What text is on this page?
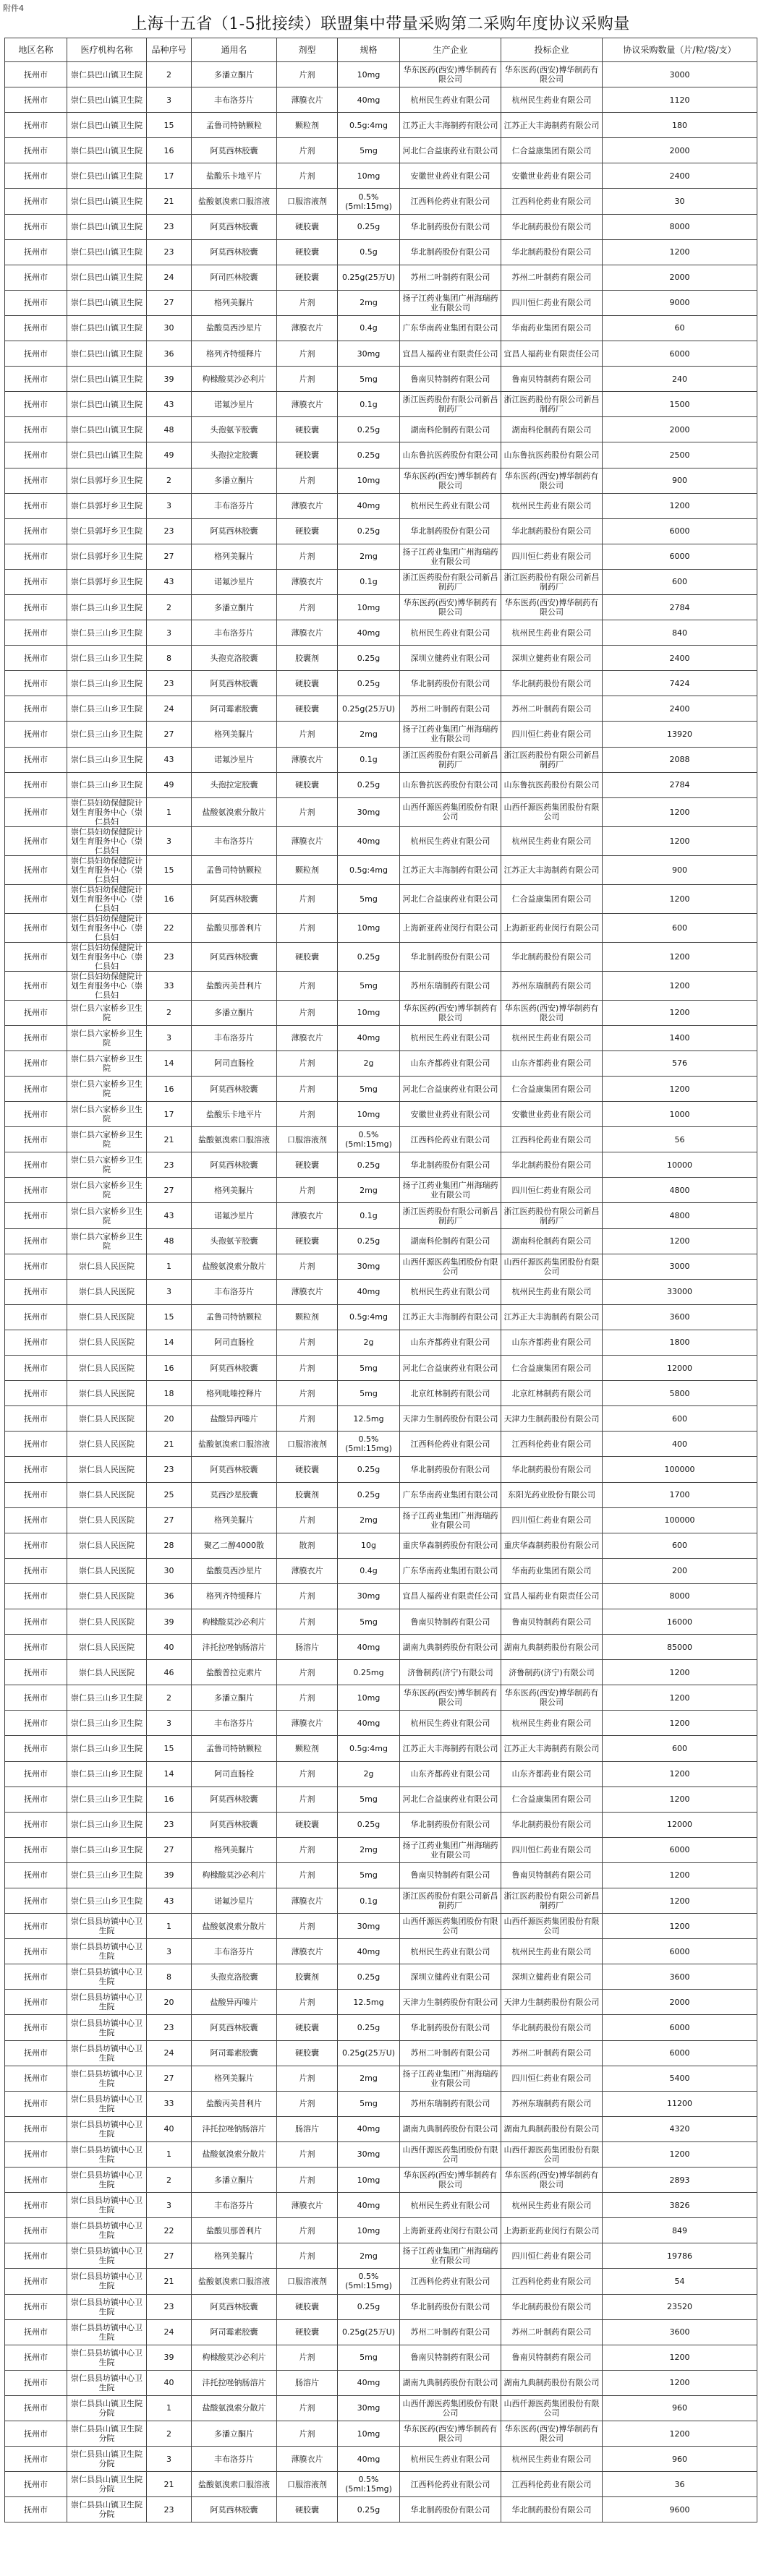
附件4
上海十五省（1-5批接续）联盟集中带量采购第二采购年度协议采购量
地区名称	医疗机构名称	品种序号	通用名	剂型	规格	生产企业	投标企业	协议采购数量（片/粒/袋/支）
抚州市	崇仁县巴山镇卫生院	2	多潘立酮片	片剂	10mg	华东医药(西安)博华制药有限公司	华东医药(西安)博华制药有限公司	3000
抚州市	崇仁县巴山镇卫生院	3	丰布洛芬片	薄膜衣片	40mg	杭州民生药业有限公司	杭州民生药业有限公司	1120
抚州市	崇仁县巴山镇卫生院	15	孟鲁司特钠颗粒	颗粒剂	0.5g:4mg	江苏正大丰海制药有限公司	江苏正大丰海制药有限公司	180
抚州市	崇仁县巴山镇卫生院	16	阿莫西林胶囊	片剂	5mg	河北仁合益康药业有限公司	仁合益康集团有限公司	2000
抚州市	崇仁县巴山镇卫生院	17	盐酸乐卡地平片	片剂	10mg	安徽世业药业有限公司	安徽世业药业有限公司	2400
抚州市	崇仁县巴山镇卫生院	21	盐酸氨溴索口服溶液	口服溶液剂	0.5%(5ml:15mg)	江西科伦药业有限公司	江西科伦药业有限公司	30
抚州市	崇仁县巴山镇卫生院	23	阿莫西林胶囊	硬胶囊	0.25g	华北制药股份有限公司	华北制药股份有限公司	8000
抚州市	崇仁县巴山镇卫生院	23	阿莫西林胶囊	硬胶囊	0.5g	华北制药股份有限公司	华北制药股份有限公司	1200
抚州市	崇仁县巴山镇卫生院	24	阿司匹林胶囊	硬胶囊	0.25g(25万U)	苏州二叶制药有限公司	苏州二叶制药有限公司	2000
抚州市	崇仁县巴山镇卫生院	27	格列美脲片	片剂	2mg	扬子江药业集团广州海瑞药业有限公司	四川恒仁药业有限公司	9000
抚州市	崇仁县巴山镇卫生院	30	盐酸莫西沙星片	薄膜衣片	0.4g	广东华南药业集团有限公司	华南药业集团有限公司	60
抚州市	崇仁县巴山镇卫生院	36	格列齐特缓释片	片剂	30mg	宜昌人福药业有限责任公司	宜昌人福药业有限责任公司	6000
抚州市	崇仁县巴山镇卫生院	39	枸橼酸莫沙必利片	片剂	5mg	鲁南贝特制药有限公司	鲁南贝特制药有限公司	240
抚州市	崇仁县巴山镇卫生院	43	诺氟沙星片	薄膜衣片	0.1g	浙江医药股份有限公司新昌制药厂	浙江医药股份有限公司新昌制药厂	1500
抚州市	崇仁县巴山镇卫生院	48	头孢氨苄胶囊	硬胶囊	0.25g	湖南科伦制药有限公司	湖南科伦制药有限公司	2000
抚州市	崇仁县巴山镇卫生院	49	头孢拉定胶囊	硬胶囊	0.25g	山东鲁抗医药股份有限公司	山东鲁抗医药股份有限公司	2500
抚州市	崇仁县郭圩乡卫生院	2	多潘立酮片	片剂	10mg	华东医药(西安)博华制药有限公司	华东医药(西安)博华制药有限公司	900
抚州市	崇仁县郭圩乡卫生院	3	丰布洛芬片	薄膜衣片	40mg	杭州民生药业有限公司	杭州民生药业有限公司	1200
抚州市	崇仁县郭圩乡卫生院	23	阿莫西林胶囊	硬胶囊	0.25g	华北制药股份有限公司	华北制药股份有限公司	6000
抚州市	崇仁县郭圩乡卫生院	27	格列美脲片	片剂	2mg	扬子江药业集团广州海瑞药业有限公司	四川恒仁药业有限公司	6000
抚州市	崇仁县郭圩乡卫生院	43	诺氟沙星片	薄膜衣片	0.1g	浙江医药股份有限公司新昌制药厂	浙江医药股份有限公司新昌制药厂	600
抚州市	崇仁县三山乡卫生院	2	多潘立酮片	片剂	10mg	华东医药(西安)博华制药有限公司	华东医药(西安)博华制药有限公司	2784
抚州市	崇仁县三山乡卫生院	3	丰布洛芬片	薄膜衣片	40mg	杭州民生药业有限公司	杭州民生药业有限公司	840
抚州市	崇仁县三山乡卫生院	8	头孢克洛胶囊	胶囊剂	0.25g	深圳立健药业有限公司	深圳立健药业有限公司	2400
抚州市	崇仁县三山乡卫生院	23	阿莫西林胶囊	硬胶囊	0.25g	华北制药股份有限公司	华北制药股份有限公司	7424
抚州市	崇仁县三山乡卫生院	24	阿司霉素胶囊	硬胶囊	0.25g(25万U)	苏州二叶制药有限公司	苏州二叶制药有限公司	2400
抚州市	崇仁县三山乡卫生院	27	格列美脲片	片剂	2mg	扬子江药业集团广州海瑞药业有限公司	四川恒仁药业有限公司	13920
抚州市	崇仁县三山乡卫生院	43	诺氟沙星片	薄膜衣片	0.1g	浙江医药股份有限公司新昌制药厂	浙江医药股份有限公司新昌制药厂	2088
抚州市	崇仁县三山乡卫生院	49	头孢拉定胶囊	硬胶囊	0.25g	山东鲁抗医药股份有限公司	山东鲁抗医药股份有限公司	2784
抚州市	崇仁县妇幼保健院计划生育服务中心（崇仁县妇	1	盐酸氨溴索分散片	片剂	30mg	山西仟源医药集团股份有限公司	山西仟源医药集团股份有限公司	1200
抚州市	崇仁县妇幼保健院计划生育服务中心（崇仁县妇	3	丰布洛芬片	薄膜衣片	40mg	杭州民生药业有限公司	杭州民生药业有限公司	1200
抚州市	崇仁县妇幼保健院计划生育服务中心（崇仁县妇	15	孟鲁司特钠颗粒	颗粒剂	0.5g:4mg	江苏正大丰海制药有限公司	江苏正大丰海制药有限公司	900
抚州市	崇仁县妇幼保健院计划生育服务中心（崇仁县妇	16	阿莫西林胶囊	片剂	5mg	河北仁合益康药业有限公司	仁合益康集团有限公司	1200
抚州市	崇仁县妇幼保健院计划生育服务中心（崇仁县妇	22	盐酸贝那普利片	片剂	10mg	上海新亚药业闵行有限公司	上海新亚药业闵行有限公司	600
抚州市	崇仁县妇幼保健院计划生育服务中心（崇仁县妇	23	阿莫西林胶囊	硬胶囊	0.25g	华北制药股份有限公司	华北制药股份有限公司	1200
抚州市	崇仁县妇幼保健院计划生育服务中心（崇仁县妇	33	盐酸丙美昔利片	片剂	5mg	苏州东瑞制药有限公司	苏州东瑞制药有限公司	1200
抚州市	崇仁县六家桥乡卫生院	2	多潘立酮片	片剂	10mg	华东医药(西安)博华制药有限公司	华东医药(西安)博华制药有限公司	1200
抚州市	崇仁县六家桥乡卫生院	3	丰布洛芬片	薄膜衣片	40mg	杭州民生药业有限公司	杭州民生药业有限公司	1400
抚州市	崇仁县六家桥乡卫生院	14	阿司直肠栓	片剂	2g	山东齐都药业有限公司	山东齐都药业有限公司	576
抚州市	崇仁县六家桥乡卫生院	16	阿莫西林胶囊	片剂	5mg	河北仁合益康药业有限公司	仁合益康集团有限公司	1200
抚州市	崇仁县六家桥乡卫生院	17	盐酸乐卡地平片	片剂	10mg	安徽世业药业有限公司	安徽世业药业有限公司	1000
抚州市	崇仁县六家桥乡卫生院	21	盐酸氨溴索口服溶液	口服溶液剂	0.5%(5ml:15mg)	江西科伦药业有限公司	江西科伦药业有限公司	56
抚州市	崇仁县六家桥乡卫生院	23	阿莫西林胶囊	硬胶囊	0.25g	华北制药股份有限公司	华北制药股份有限公司	10000
抚州市	崇仁县六家桥乡卫生院	27	格列美脲片	片剂	2mg	扬子江药业集团广州海瑞药业有限公司	四川恒仁药业有限公司	4800
抚州市	崇仁县六家桥乡卫生院	43	诺氟沙星片	薄膜衣片	0.1g	浙江医药股份有限公司新昌制药厂	浙江医药股份有限公司新昌制药厂	4800
抚州市	崇仁县六家桥乡卫生院	48	头孢氨苄胶囊	硬胶囊	0.25g	湖南科伦制药有限公司	湖南科伦制药有限公司	1200
抚州市	崇仁县人民医院	1	盐酸氨溴索分散片	片剂	30mg	山西仟源医药集团股份有限公司	山西仟源医药集团股份有限公司	3000
抚州市	崇仁县人民医院	3	丰布洛芬片	薄膜衣片	40mg	杭州民生药业有限公司	杭州民生药业有限公司	33000
抚州市	崇仁县人民医院	15	孟鲁司特钠颗粒	颗粒剂	0.5g:4mg	江苏正大丰海制药有限公司	江苏正大丰海制药有限公司	3600
抚州市	崇仁县人民医院	14	阿司直肠栓	片剂	2g	山东齐都药业有限公司	山东齐都药业有限公司	1800
抚州市	崇仁县人民医院	16	阿莫西林胶囊	片剂	5mg	河北仁合益康药业有限公司	仁合益康集团有限公司	12000
抚州市	崇仁县人民医院	18	格列吡嗪控释片	片剂	5mg	北京红林制药有限公司	北京红林制药有限公司	5800
抚州市	崇仁县人民医院	20	盐酸异丙嗪片	片剂	12.5mg	天津力生制药股份有限公司	天津力生制药股份有限公司	600
抚州市	崇仁县人民医院	21	盐酸氨溴索口服溶液	口服溶液剂	0.5%(5ml:15mg)	江西科伦药业有限公司	江西科伦药业有限公司	400
抚州市	崇仁县人民医院	23	阿莫西林胶囊	硬胶囊	0.25g	华北制药股份有限公司	华北制药股份有限公司	100000
抚州市	崇仁县人民医院	25	莫西沙星胶囊	胶囊剂	0.25g	广东华南药业集团有限公司	东阳光药业股份有限公司	1700
抚州市	崇仁县人民医院	27	格列美脲片	片剂	2mg	扬子江药业集团广州海瑞药业有限公司	四川恒仁药业有限公司	100000
抚州市	崇仁县人民医院	28	聚乙二醇4000散	散剂	10g	重庆华森制药股份有限公司	重庆华森制药股份有限公司	600
抚州市	崇仁县人民医院	30	盐酸莫西沙星片	薄膜衣片	0.4g	广东华南药业集团有限公司	华南药业集团有限公司	200
抚州市	崇仁县人民医院	36	格列齐特缓释片	片剂	30mg	宜昌人福药业有限责任公司	宜昌人福药业有限责任公司	8000
抚州市	崇仁县人民医院	39	枸橼酸莫沙必利片	片剂	5mg	鲁南贝特制药有限公司	鲁南贝特制药有限公司	16000
抚州市	崇仁县人民医院	40	沣托拉唑钠肠溶片	肠溶片	40mg	湖南九典制药股份有限公司	湖南九典制药股份有限公司	85000
抚州市	崇仁县人民医院	46	盐酸普拉克索片	片剂	0.25mg	济鲁制药(济宁)有限公司	济鲁制药(济宁)有限公司	1200
抚州市	崇仁县三山乡卫生院	2	多潘立酮片	片剂	10mg	华东医药(西安)博华制药有限公司	华东医药(西安)博华制药有限公司	1200
抚州市	崇仁县三山乡卫生院	3	丰布洛芬片	薄膜衣片	40mg	杭州民生药业有限公司	杭州民生药业有限公司	1200
抚州市	崇仁县三山乡卫生院	15	孟鲁司特钠颗粒	颗粒剂	0.5g:4mg	江苏正大丰海制药有限公司	江苏正大丰海制药有限公司	600
抚州市	崇仁县三山乡卫生院	14	阿司直肠栓	片剂	2g	山东齐都药业有限公司	山东齐都药业有限公司	1200
抚州市	崇仁县三山乡卫生院	16	阿莫西林胶囊	片剂	5mg	河北仁合益康药业有限公司	仁合益康集团有限公司	1200
抚州市	崇仁县三山乡卫生院	23	阿莫西林胶囊	硬胶囊	0.25g	华北制药股份有限公司	华北制药股份有限公司	12000
抚州市	崇仁县三山乡卫生院	27	格列美脲片	片剂	2mg	扬子江药业集团广州海瑞药业有限公司	四川恒仁药业有限公司	6000
抚州市	崇仁县三山乡卫生院	39	枸橼酸莫沙必利片	片剂	5mg	鲁南贝特制药有限公司	鲁南贝特制药有限公司	1200
抚州市	崇仁县三山乡卫生院	43	诺氟沙星片	薄膜衣片	0.1g	浙江医药股份有限公司新昌制药厂	浙江医药股份有限公司新昌制药厂	1200
抚州市	崇仁县县坊镇中心卫生院	1	盐酸氨溴索分散片	片剂	30mg	山西仟源医药集团股份有限公司	山西仟源医药集团股份有限公司	1200
抚州市	崇仁县县坊镇中心卫生院	3	丰布洛芬片	薄膜衣片	40mg	杭州民生药业有限公司	杭州民生药业有限公司	6000
抚州市	崇仁县县坊镇中心卫生院	8	头孢克洛胶囊	胶囊剂	0.25g	深圳立健药业有限公司	深圳立健药业有限公司	3600
抚州市	崇仁县县坊镇中心卫生院	20	盐酸异丙嗪片	片剂	12.5mg	天津力生制药股份有限公司	天津力生制药股份有限公司	2000
抚州市	崇仁县县坊镇中心卫生院	23	阿莫西林胶囊	硬胶囊	0.25g	华北制药股份有限公司	华北制药股份有限公司	6000
抚州市	崇仁县县坊镇中心卫生院	24	阿司霉素胶囊	硬胶囊	0.25g(25万U)	苏州二叶制药有限公司	苏州二叶制药有限公司	6000
抚州市	崇仁县县坊镇中心卫生院	27	格列美脲片	片剂	2mg	扬子江药业集团广州海瑞药业有限公司	四川恒仁药业有限公司	5400
抚州市	崇仁县县坊镇中心卫生院	33	盐酸丙美昔利片	片剂	5mg	苏州东瑞制药有限公司	苏州东瑞制药有限公司	11200
抚州市	崇仁县县坊镇中心卫生院	40	沣托拉唑钠肠溶片	肠溶片	40mg	湖南九典制药股份有限公司	湖南九典制药股份有限公司	4320
抚州市	崇仁县县坊镇中心卫生院	1	盐酸氨溴索分散片	片剂	30mg	山西仟源医药集团股份有限公司	山西仟源医药集团股份有限公司	1200
抚州市	崇仁县县坊镇中心卫生院	2	多潘立酮片	片剂	10mg	华东医药(西安)博华制药有限公司	华东医药(西安)博华制药有限公司	2893
抚州市	崇仁县县坊镇中心卫生院	3	丰布洛芬片	薄膜衣片	40mg	杭州民生药业有限公司	杭州民生药业有限公司	3826
抚州市	崇仁县县坊镇中心卫生院	22	盐酸贝那普利片	片剂	10mg	上海新亚药业闵行有限公司	上海新亚药业闵行有限公司	849
抚州市	崇仁县县坊镇中心卫生院	27	格列美脲片	片剂	2mg	扬子江药业集团广州海瑞药业有限公司	四川恒仁药业有限公司	19786
抚州市	崇仁县县坊镇中心卫生院	21	盐酸氨溴索口服溶液	口服溶液剂	0.5%(5ml:15mg)	江西科伦药业有限公司	江西科伦药业有限公司	54
抚州市	崇仁县县坊镇中心卫生院	23	阿莫西林胶囊	硬胶囊	0.25g	华北制药股份有限公司	华北制药股份有限公司	23520
抚州市	崇仁县县坊镇中心卫生院	24	阿司霉素胶囊	硬胶囊	0.25g(25万U)	苏州二叶制药有限公司	苏州二叶制药有限公司	3600
抚州市	崇仁县县坊镇中心卫生院	39	枸橼酸莫沙必利片	片剂	5mg	鲁南贝特制药有限公司	鲁南贝特制药有限公司	1200
抚州市	崇仁县县坊镇中心卫生院	40	沣托拉唑钠肠溶片	肠溶片	40mg	湖南九典制药股份有限公司	湖南九典制药股份有限公司	1200
抚州市	崇仁县县山镇卫生院分院	1	盐酸氨溴索分散片	片剂	30mg	山西仟源医药集团股份有限公司	山西仟源医药集团股份有限公司	960
抚州市	崇仁县县山镇卫生院分院	2	多潘立酮片	片剂	10mg	华东医药(西安)博华制药有限公司	华东医药(西安)博华制药有限公司	1200
抚州市	崇仁县县山镇卫生院分院	3	丰布洛芬片	薄膜衣片	40mg	杭州民生药业有限公司	杭州民生药业有限公司	960
抚州市	崇仁县县山镇卫生院分院	21	盐酸氨溴索口服溶液	口服溶液剂	0.5%(5ml:15mg)	江西科伦药业有限公司	江西科伦药业有限公司	36
抚州市	崇仁县县山镇卫生院分院	23	阿莫西林胶囊	硬胶囊	0.25g	华北制药股份有限公司	华北制药股份有限公司	9600
